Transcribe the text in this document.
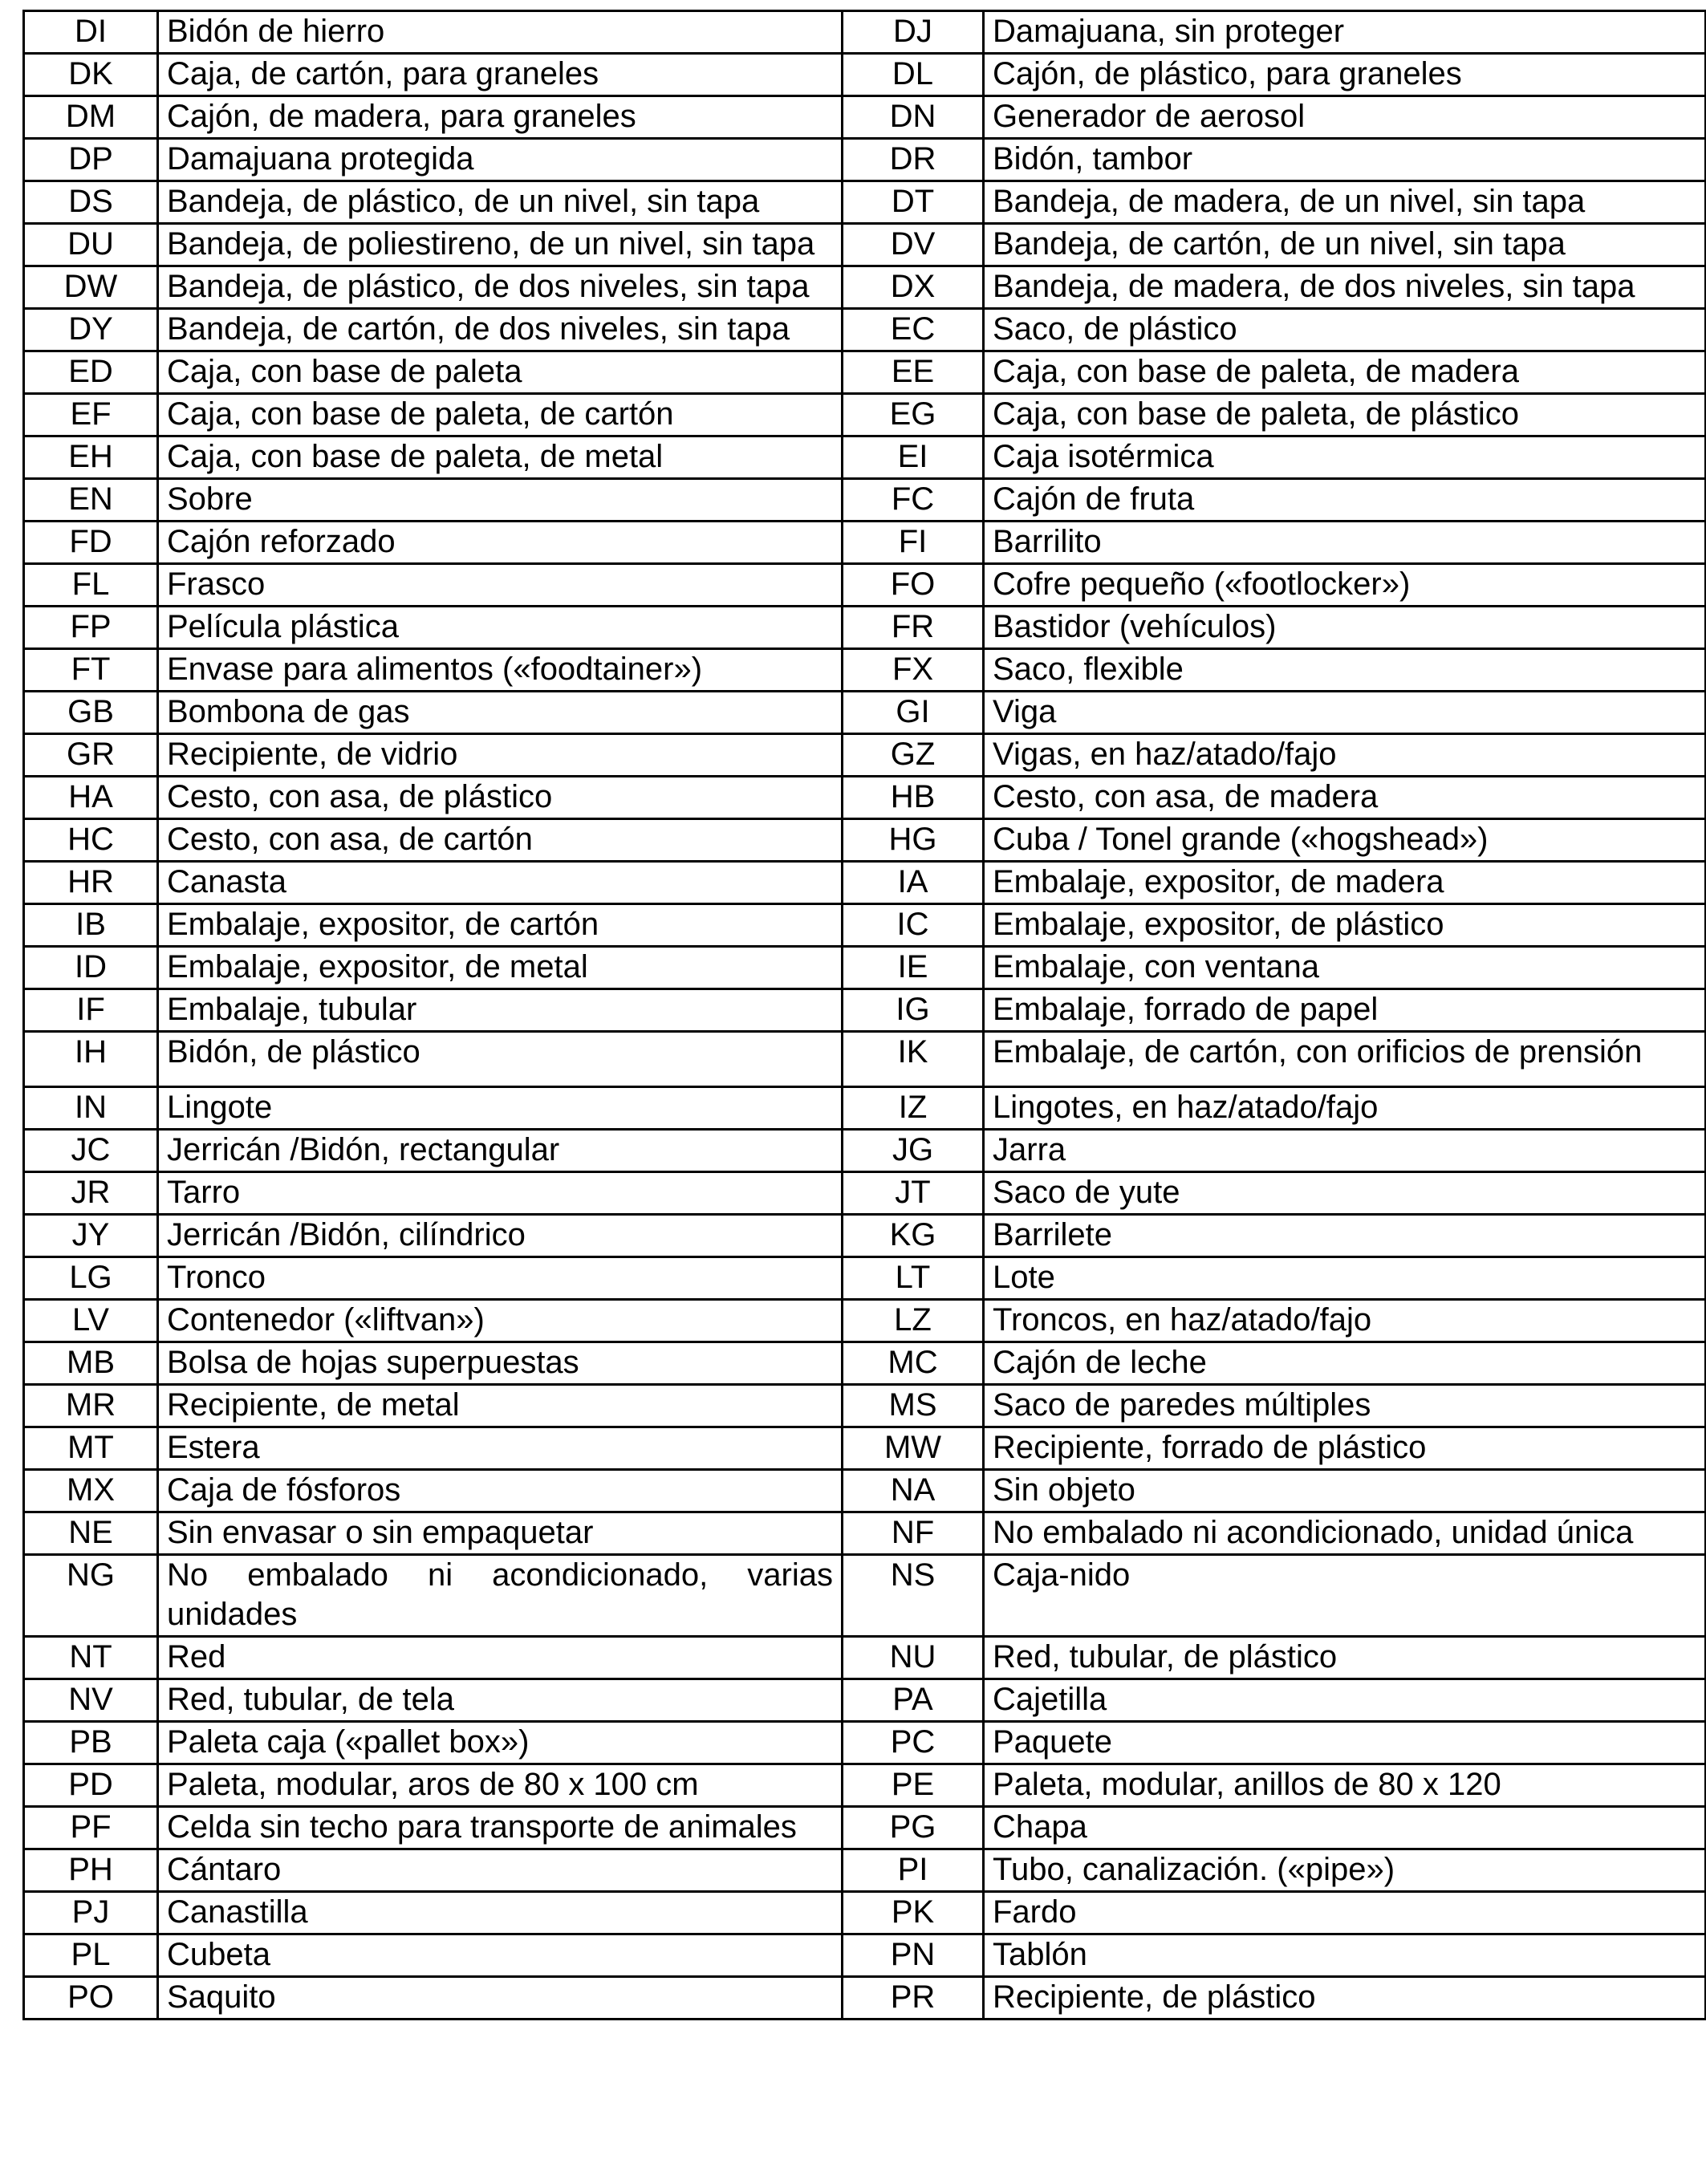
DI	Bidón de hierro	DJ	Damajuana, sin proteger
DK	Caja, de cartón, para graneles	DL	Cajón, de plástico, para graneles
DM	Cajón, de madera, para graneles	DN	Generador de aerosol
DP	Damajuana protegida	DR	Bidón, tambor
DS	Bandeja, de plástico, de un nivel, sin tapa	DT	Bandeja, de madera, de un nivel, sin tapa
DU	Bandeja, de poliestireno, de un nivel, sin tapa	DV	Bandeja, de cartón, de un nivel, sin tapa
DW	Bandeja, de plástico, de dos niveles, sin tapa	DX	Bandeja, de madera, de dos niveles, sin tapa
DY	Bandeja, de cartón, de dos niveles, sin tapa	EC	Saco, de plástico
ED	Caja, con base de paleta	EE	Caja, con base de paleta, de madera
EF	Caja, con base de paleta, de cartón	EG	Caja, con base de paleta, de plástico
EH	Caja, con base de paleta, de metal	EI	Caja isotérmica
EN	Sobre	FC	Cajón de fruta
FD	Cajón reforzado	FI	Barrilito
FL	Frasco	FO	Cofre pequeño («footlocker»)
FP	Película plástica	FR	Bastidor (vehículos)
FT	Envase para alimentos («foodtainer»)	FX	Saco, flexible
GB	Bombona de gas	GI	Viga
GR	Recipiente, de vidrio	GZ	Vigas, en haz/atado/fajo
HA	Cesto, con asa, de plástico	HB	Cesto, con asa, de madera
HC	Cesto, con asa, de cartón	HG	Cuba / Tonel grande («hogshead»)
HR	Canasta	IA	Embalaje, expositor, de madera
IB	Embalaje, expositor, de cartón	IC	Embalaje, expositor, de plástico
ID	Embalaje, expositor, de metal	IE	Embalaje, con ventana
IF	Embalaje, tubular	IG	Embalaje, forrado de papel
IH	Bidón, de plástico	IK	Embalaje, de cartón, con orificios de prensión
IN	Lingote	IZ	Lingotes, en haz/atado/fajo
JC	Jerricán /Bidón, rectangular	JG	Jarra
JR	Tarro	JT	Saco de yute
JY	Jerricán /Bidón, cilíndrico	KG	Barrilete
LG	Tronco	LT	Lote
LV	Contenedor («liftvan»)	LZ	Troncos, en haz/atado/fajo
MB	Bolsa de hojas superpuestas	MC	Cajón de leche
MR	Recipiente, de metal	MS	Saco de paredes múltiples
MT	Estera	MW	Recipiente, forrado de plástico
MX	Caja de fósforos	NA	Sin objeto
NE	Sin envasar o sin empaquetar	NF	No embalado ni acondicionado, unidad única
NG	No embalado ni acondicionado, varias unidades	NS	Caja-nido
NT	Red	NU	Red, tubular, de plástico
NV	Red, tubular, de tela	PA	Cajetilla
PB	Paleta caja («pallet box»)	PC	Paquete
PD	Paleta, modular, aros de 80 x 100 cm	PE	Paleta, modular, anillos de 80 x 120
PF	Celda sin techo para transporte de animales	PG	Chapa
PH	Cántaro	PI	Tubo, canalización. («pipe»)
PJ	Canastilla	PK	Fardo
PL	Cubeta	PN	Tablón
PO	Saquito	PR	Recipiente, de plástico
